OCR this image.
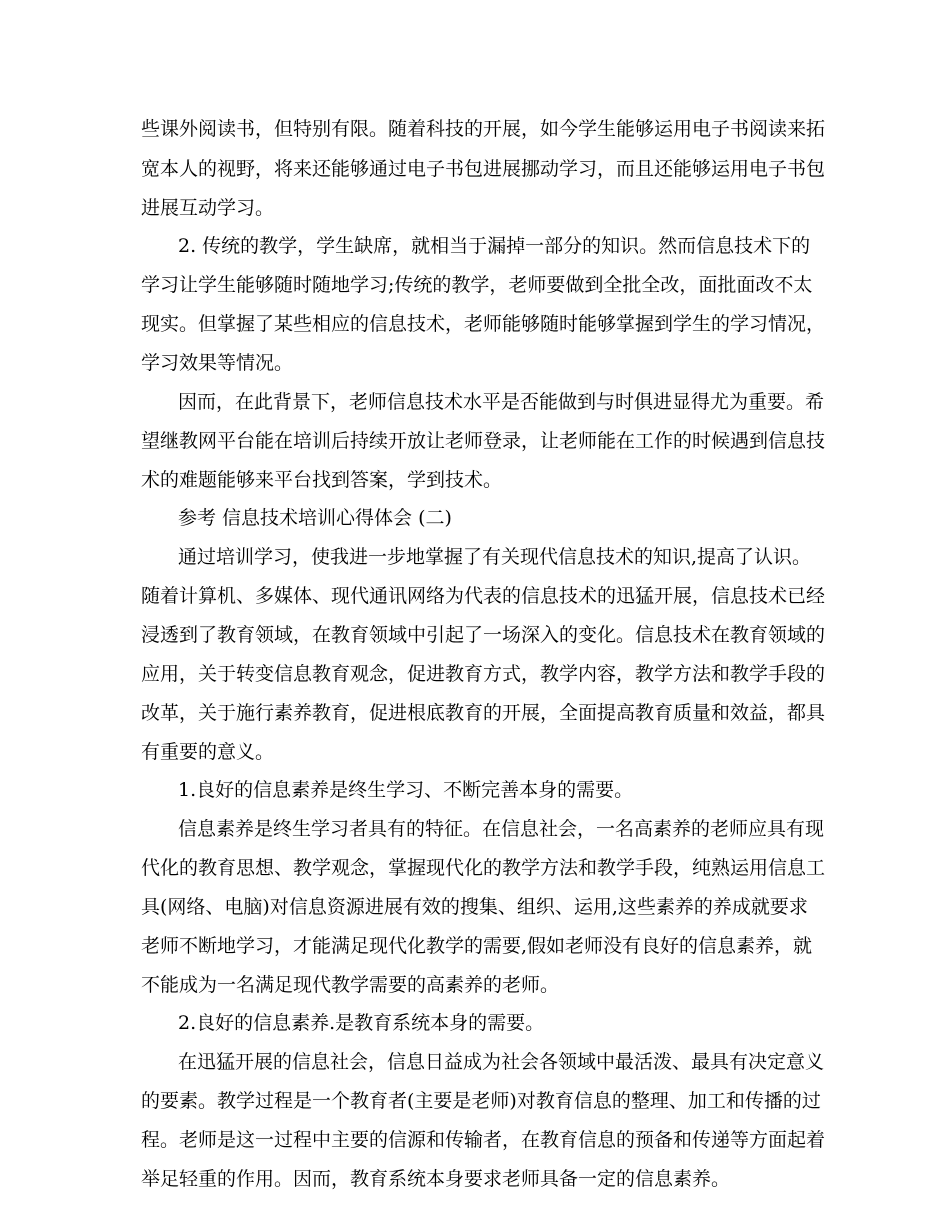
些课外阅读书，但特别有限。随着科技的开展，如今学生能够运用电子书阅读来拓
宽本人的视野，将来还能够通过电子书包进展挪动学习，而且还能够运用电子书包
进展互动学习。
2. 传统的教学，学生缺席，就相当于漏掉一部分的知识。然而信息技术下的
学习让学生能够随时随地学习;传统的教学，老师要做到全批全改，面批面改不太
现实。但掌握了某些相应的信息技术，老师能够随时能够掌握到学生的学习情况，
学习效果等情况。
因而，在此背景下，老师信息技术水平是否能做到与时俱进显得尤为重要。希
望继教网平台能在培训后持续开放让老师登录，让老师能在工作的时候遇到信息技
术的难题能够来平台找到答案，学到技术。
参考 信息技术培训心得体会 (二)
通过培训学习，使我进一步地掌握了有关现代信息技术的知识,提高了认识。
随着计算机、多媒体、现代通讯网络为代表的信息技术的迅猛开展，信息技术已经
浸透到了教育领域，在教育领域中引起了一场深入的变化。信息技术在教育领域的
应用，关于转变信息教育观念，促进教育方式，教学内容，教学方法和教学手段的
改革，关于施行素养教育，促进根底教育的开展，全面提高教育质量和效益，都具
有重要的意义。
1.良好的信息素养是终生学习、不断完善本身的需要。
信息素养是终生学习者具有的特征。在信息社会，一名高素养的老师应具有现
代化的教育思想、教学观念，掌握现代化的教学方法和教学手段，纯熟运用信息工
具(网络、电脑)对信息资源进展有效的搜集、组织、运用,这些素养的养成就要求
老师不断地学习，才能满足现代化教学的需要,假如老师没有良好的信息素养，就
不能成为一名满足现代教学需要的高素养的老师。
2.良好的信息素养.是教育系统本身的需要。
在迅猛开展的信息社会，信息日益成为社会各领域中最活泼、最具有决定意义
的要素。教学过程是一个教育者(主要是老师)对教育信息的整理、加工和传播的过
程。老师是这一过程中主要的信源和传输者，在教育信息的预备和传递等方面起着
举足轻重的作用。因而，教育系统本身要求老师具备一定的信息素养。
